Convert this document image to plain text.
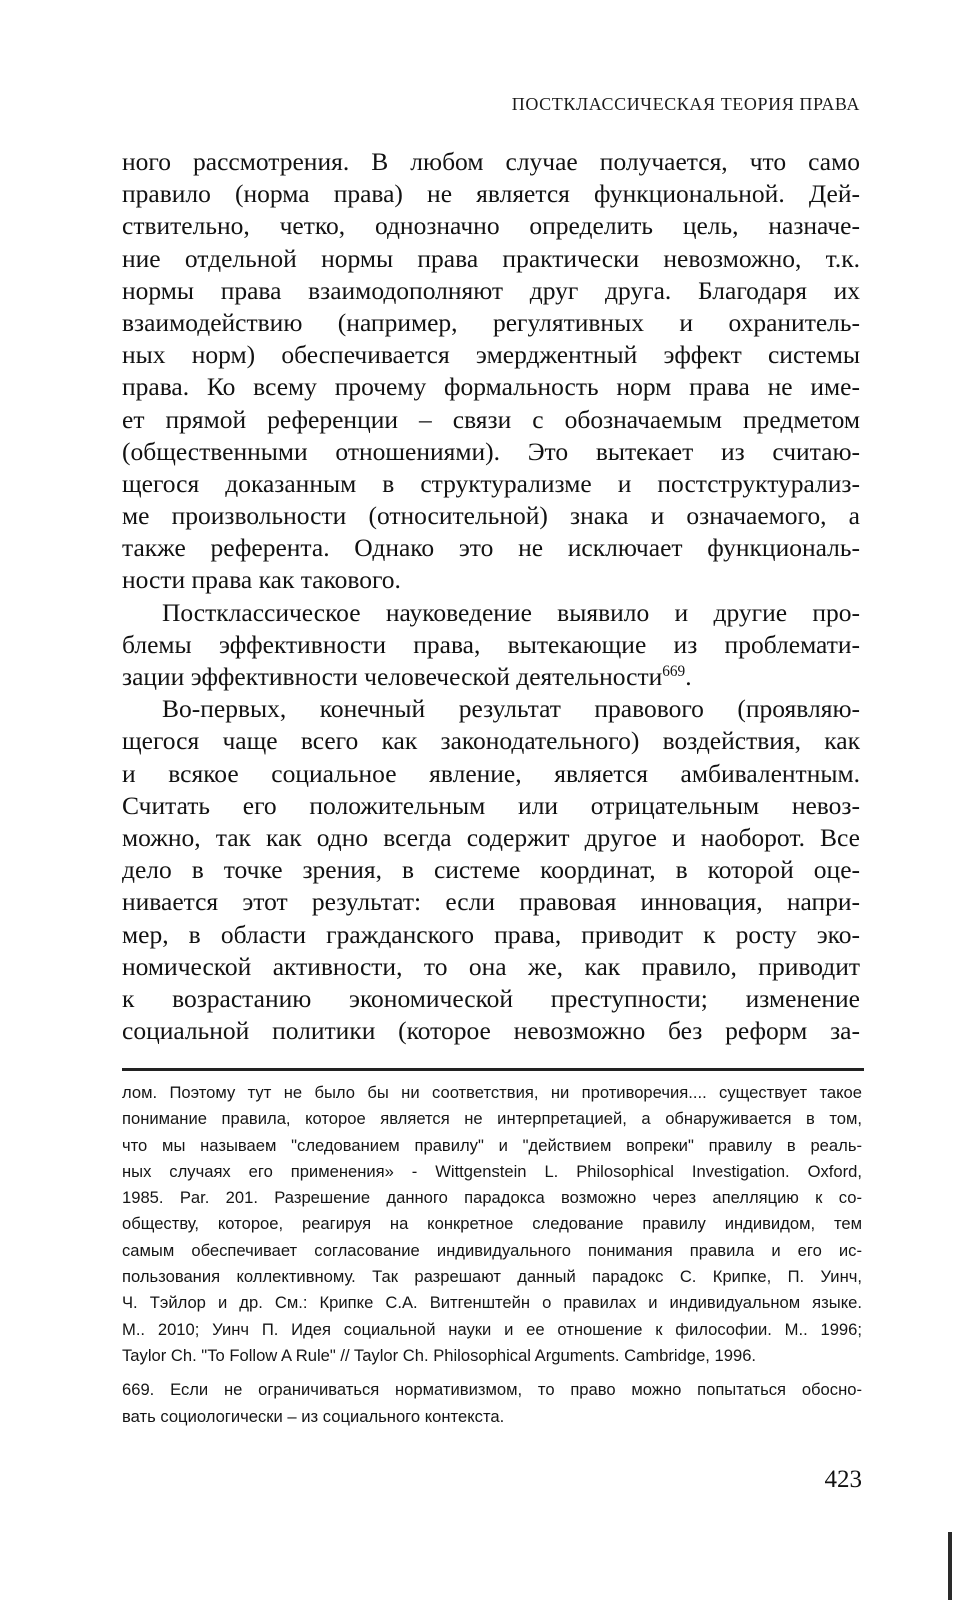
ПОСТКЛАССИЧЕСКАЯ ТЕОРИЯ ПРАВА
ного рассмотрения. В любом случае получается, что само
правило (норма права) не является функциональной. Дей-
ствительно, четко, однозначно определить цель, назначе-
ние отдельной нормы права практически невозможно, т.к.
нормы права взаимодополняют друг друга. Благодаря их
взаимодействию (например, регулятивных и охранитель-
ных норм) обеспечивается эмерджентный эффект системы
права. Ко всему прочему формальность норм права не име-
ет прямой референции – связи с обозначаемым предметом
(общественными отношениями). Это вытекает из считаю-
щегося доказанным в структурализме и постструктурализ-
ме произвольности (относительной) знака и означаемого, а
также референта. Однако это не исключает функциональ-
ности права как такового.
Постклассическое науковедение выявило и другие про-
блемы эффективности права, вытекающие из проблемати-
зации эффективности человеческой деятельности$^{669}$.
Во-первых, конечный результат правового (проявляю-
щегося чаще всего как законодательного) воздействия, как
и всякое социальное явление, является амбивалентным.
Считать его положительным или отрицательным невоз-
можно, так как одно всегда содержит другое и наоборот. Все
дело в точке зрения, в системе координат, в которой оце-
нивается этот результат: если правовая инновация, напри-
мер, в области гражданского права, приводит к росту эко-
номической активности, то она же, как правило, приводит
к возрастанию экономической преступности; изменение
социальной политики (которое невозможно без реформ за-
лом. Поэтому тут не было бы ни соответствия, ни противоречия.... существует такое
понимание правила, которое является не интерпретацией, а обнаруживается в том,
что мы называем "следованием правилу" и "действием вопреки" правилу в реаль-
ных случаях его применения» - Wittgenstein L. Philosophical Investigation. Oxford,
1985. Par. 201. Разрешение данного парадокса возможно через апелляцию к со-
обществу, которое, реагируя на конкретное следование правилу индивидом, тем
самым обеспечивает согласование индивидуального понимания правила и его ис-
пользования коллективному. Так разрешают данный парадокс С. Крипке, П. Уинч,
Ч. Тэйлор и др. См.: Крипке С.А. Витгенштейн о правилах и индивидуальном языке.
М.. 2010; Уинч П. Идея социальной науки и ее отношение к философии. М.. 1996;
Taylor Ch. "To Follow A Rule" // Taylor Ch. Philosophical Arguments. Cambridge, 1996.
669. Если не ограничиваться нормативизмом, то право можно попытаться обосно-
вать социологически – из социального контекста.
423
